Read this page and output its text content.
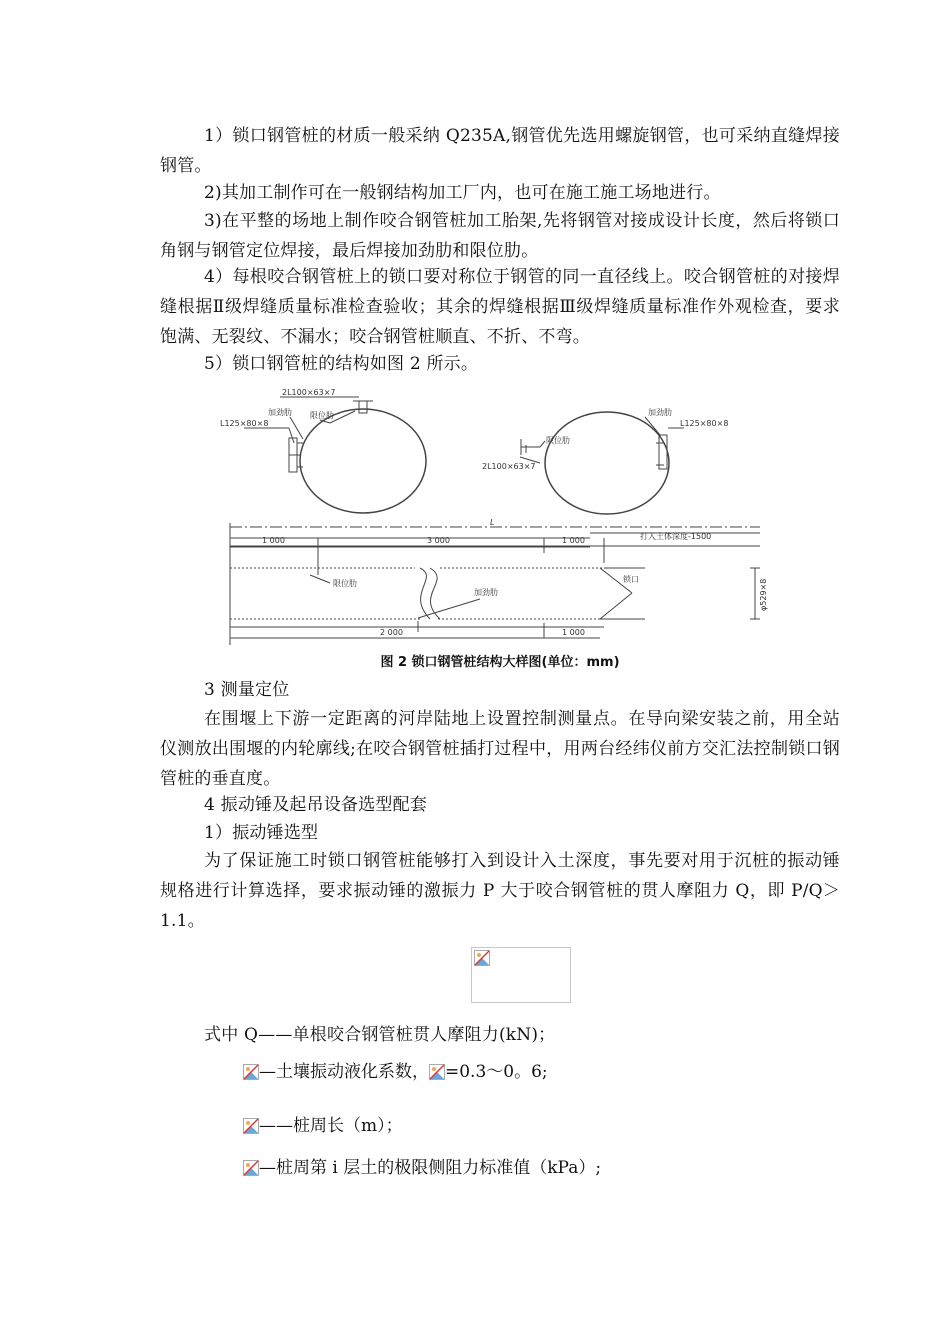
1）锁口钢管桩的材质一般采纳 Q235A,钢管优先选用螺旋钢管，也可采纳直缝焊接钢管。

2)其加工制作可在一般钢结构加工厂内，也可在施工施工场地进行。

3)在平整的场地上制作咬合钢管桩加工胎架,先将钢管对接成设计长度，然后将锁口角钢与钢管定位焊接，最后焊接加劲肋和限位肋。

4）每根咬合钢管桩上的锁口要对称位于钢管的同一直径线上。咬合钢管桩的对接焊缝根据Ⅱ级焊缝质量标准检查验收；其余的焊缝根据Ⅲ级焊缝质量标准作外观检查，要求饱满、无裂纹、不漏水；咬合钢管桩顺直、不折、不弯。

5）锁口钢管桩的结构如图 2 所示。

2L100×63×7
加劲肋 限位肋
L125×80×8
加劲肋
L125×80×8
限位肋
2L100×63×7
L
1 000	3 000	1 000	打入土体深度-1500
限位肋	锁口
加劲肋	φ529×8
2 000	1 000
图 2 锁口钢管桩结构大样图(单位：mm)

3 测量定位

在围堰上下游一定距离的河岸陆地上设置控制测量点。在导向梁安装之前，用全站仪测放出围堰的内轮廓线;在咬合钢管桩插打过程中，用两台经纬仪前方交汇法控制锁口钢管桩的垂直度。

4 振动锤及起吊设备选型配套

1）振动锤选型

为了保证施工时锁口钢管桩能够打入到设计入土深度，事先要对用于沉桩的振动锤规格进行计算选择，要求振动锤的激振力 P 大于咬合钢管桩的贯人摩阻力 Q，即 P/Q＞1.1。

式中 Q——单根咬合钢管桩贯人摩阻力(kN)；

—土壤振动液化系数， =0.3～0。6;
——桩周长（m）；
—桩周第 i 层土的极限侧阻力标准值（kPa）;
